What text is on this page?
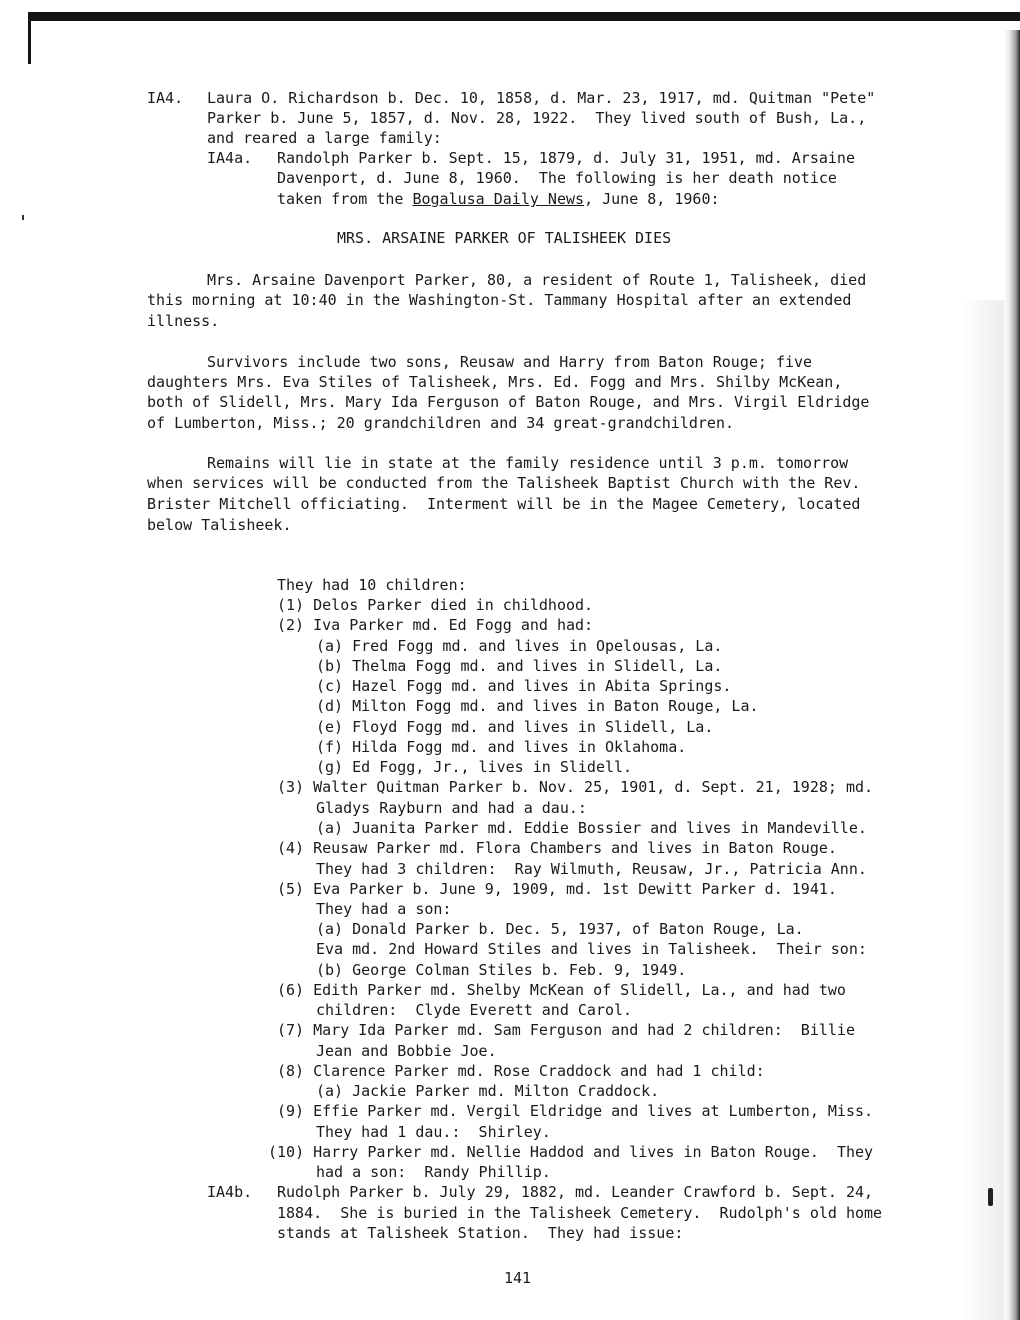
IA4. Laura O. Richardson b. Dec. 10, 1858, d. Mar. 23, 1917, md. Quitman "Pete"
Parker b. June 5, 1857, d. Nov. 28, 1922.  They lived south of Bush, La.,
and reared a large family:
IA4a. Randolph Parker b. Sept. 15, 1879, d. July 31, 1951, md. Arsaine
Davenport, d. June 8, 1960.  The following is her death notice
taken from the Bogalusa Daily News, June 8, 1960:
MRS. ARSAINE PARKER OF TALISHEEK DIES
Mrs. Arsaine Davenport Parker, 80, a resident of Route 1, Talisheek, died
this morning at 10:40 in the Washington-St. Tammany Hospital after an extended
illness.
Survivors include two sons, Reusaw and Harry from Baton Rouge; five
daughters Mrs. Eva Stiles of Talisheek, Mrs. Ed. Fogg and Mrs. Shilby McKean,
both of Slidell, Mrs. Mary Ida Ferguson of Baton Rouge, and Mrs. Virgil Eldridge
of Lumberton, Miss.; 20 grandchildren and 34 great-grandchildren.
Remains will lie in state at the family residence until 3 p.m. tomorrow
when services will be conducted from the Talisheek Baptist Church with the Rev.
Brister Mitchell officiating.  Interment will be in the Magee Cemetery, located
below Talisheek.
They had 10 children:
(1) Delos Parker died in childhood.
(2) Iva Parker md. Ed Fogg and had:
(a) Fred Fogg md. and lives in Opelousas, La.
(b) Thelma Fogg md. and lives in Slidell, La.
(c) Hazel Fogg md. and lives in Abita Springs.
(d) Milton Fogg md. and lives in Baton Rouge, La.
(e) Floyd Fogg md. and lives in Slidell, La.
(f) Hilda Fogg md. and lives in Oklahoma.
(g) Ed Fogg, Jr., lives in Slidell.
(3) Walter Quitman Parker b. Nov. 25, 1901, d. Sept. 21, 1928; md.
Gladys Rayburn and had a dau.:
(a) Juanita Parker md. Eddie Bossier and lives in Mandeville.
(4) Reusaw Parker md. Flora Chambers and lives in Baton Rouge.
They had 3 children:  Ray Wilmuth, Reusaw, Jr., Patricia Ann.
(5) Eva Parker b. June 9, 1909, md. 1st Dewitt Parker d. 1941.
They had a son:
(a) Donald Parker b. Dec. 5, 1937, of Baton Rouge, La.
Eva md. 2nd Howard Stiles and lives in Talisheek.  Their son:
(b) George Colman Stiles b. Feb. 9, 1949.
(6) Edith Parker md. Shelby McKean of Slidell, La., and had two
children:  Clyde Everett and Carol.
(7) Mary Ida Parker md. Sam Ferguson and had 2 children:  Billie
Jean and Bobbie Joe.
(8) Clarence Parker md. Rose Craddock and had 1 child:
(a) Jackie Parker md. Milton Craddock.
(9) Effie Parker md. Vergil Eldridge and lives at Lumberton, Miss.
They had 1 dau.:  Shirley.
(10) Harry Parker md. Nellie Haddod and lives in Baton Rouge.  They
had a son:  Randy Phillip.
IA4b. Rudolph Parker b. July 29, 1882, md. Leander Crawford b. Sept. 24,
1884.  She is buried in the Talisheek Cemetery.  Rudolph's old home
stands at Talisheek Station.  They had issue:
141
